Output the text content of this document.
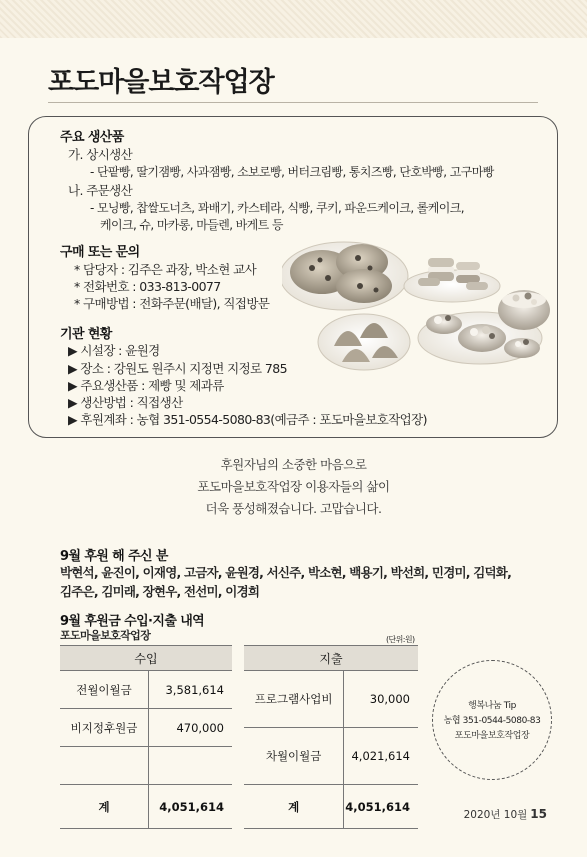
포도마을보호작업장
주요 생산품
가. 상시생산
- 단팥빵, 딸기잼빵, 사과잼빵, 소보로빵, 버터크림빵, 통치즈빵, 단호박빵, 고구마빵
나. 주문생산
- 모닝빵, 찹쌀도너츠, 꽈배기, 카스테라, 식빵, 쿠키, 파운드케이크, 롤케이크,
케이크, 슈, 마카롱, 마들렌, 바게트 등
구매 또는 문의
* 담당자 : 김주은 과장, 박소현 교사
* 전화번호 : 033-813-0077
* 구매방법 : 전화주문(배달), 직접방문
기관 현황
▶ 시설장 : 윤원경
▶ 장소 : 강원도 원주시 지정면 지정로 785
▶ 주요생산품 : 제빵 및 제과류
▶ 생산방법 : 직접생산
▶ 후원계좌 : 농협 351-0554-5080-83(예금주 : 포도마을보호작업장)
후원자님의 소중한 마음으로
포도마을보호작업장 이용자들의 삶이
더욱 풍성해졌습니다. 고맙습니다.
9월 후원 해 주신 분
박현석, 윤진이, 이재영, 고금자, 윤원경, 서신주, 박소현, 백용기, 박선희, 민경미, 김덕화,
김주은, 김미래, 장현우, 전선미, 이경희
9월 후원금 수입·지출 내역
포도마을보호작업장	(단위:원)
수입	
전월이월금	3,581,614
비지정후원금	470,000

계	4,051,614
지출	
프로그램사업비	30,000
차월이월금	4,021,614
계	4,051,614
행복나눔 Tip
농협 351-0544-5080-83
포도마을보호작업장
2020년 10월 15
